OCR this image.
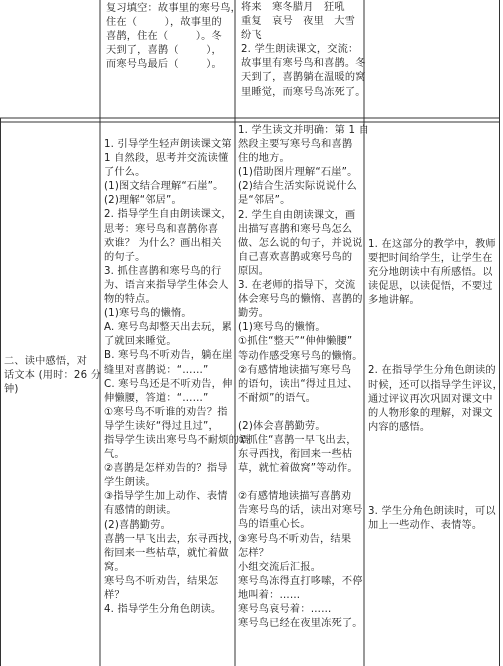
复习填空：故事里的寒号鸟，
住在（        ），故事里的
喜鹊，住在（        ）。冬
天到了，喜鹊（        ），
而寒号鸟最后（        ）。
将来   寒冬腊月   狂吼
重复   哀号   夜里   大雪
纷飞
2. 学生朗读课文，交流：
故事里有寒号鸟和喜鹊。冬
天到了，喜鹊躺在温暖的窝
里睡觉，而寒号鸟冻死了。
二、读中感悟，对
话文本 (用时：26 分
钟)
1. 引导学生轻声朗读课文第
1 自然段，思考并交流读懂
了什么。
(1)图文结合理解“石崖”。
(2)理解“邻居”。
2. 指导学生自由朗读课文，
思考：寒号鸟和喜鹊你喜
欢谁？ 为什么？画出相关
的句子。
3. 抓住喜鹊和寒号鸟的行
为、语言来指导学生体会人
物的特点。
(1)寒号鸟的懒惰。
A. 寒号鸟却整天出去玩，累
了就回来睡觉。
B. 寒号鸟不听劝告，躺在崖
缝里对喜鹊说：“……”
C. 寒号鸟还是不听劝告，伸
伸懒腰，答道：“……”
①寒号鸟不听谁的劝告？指
导学生读好“得过且过”，
指导学生读出寒号鸟不耐烦的语
气。
②喜鹊是怎样劝告的？指导
学生朗读。
③指导学生加上动作、表情
有感情的朗读。
(2)喜鹊勤劳。
喜鹊一早飞出去，东寻西找，
衔回来一些枯草，就忙着做
窝。
寒号鸟不听劝告，结果怎
样？
4. 指导学生分角色朗读。
1. 学生读文并明确：第 1 自
然段主要写寒号鸟和喜鹊
住的地方。
(1)借助图片理解“石崖”。
(2)结合生活实际说说什么
是“邻居”。
2. 学生自由朗读课文，画
出描写喜鹊和寒号鸟怎么
做、怎么说的句子，并说说
自己喜欢喜鹊或寒号鸟的
原因。
3. 在老师的指导下，交流
体会寒号鸟的懒惰、喜鹊的
勤劳。
(1)寒号鸟的懒惰。
①抓住“整天”“伸伸懒腰”
等动作感受寒号鸟的懒惰。
②有感情地读描写寒号鸟
的语句，读出“得过且过、
不耐烦”的语气。
(2)体会喜鹊勤劳。
①抓住“喜鹊一早飞出去，
东寻西找，衔回来一些枯
草，就忙着做窝”等动作。
②有感情地读描写喜鹊劝
告寒号鸟的话，读出对寒号
鸟的语重心长。
③寒号鸟不听劝告，结果
怎样？
小组交流后汇报。
寒号鸟冻得直打哆嗦，不停
地叫着：……
寒号鸟哀号着：……
寒号鸟已经在夜里冻死了。
1. 在这部分的教学中，教师
要把时间给学生，让学生在
充分地朗读中有所感悟。以
读促思，以读促悟，不要过
多地讲解。
2. 在指导学生分角色朗读的
时候，还可以指导学生评议，
通过评议再次巩固对课文中
的人物形象的理解，对课文
内容的感悟。
3. 学生分角色朗读时，可以
加上一些动作、表情等。
